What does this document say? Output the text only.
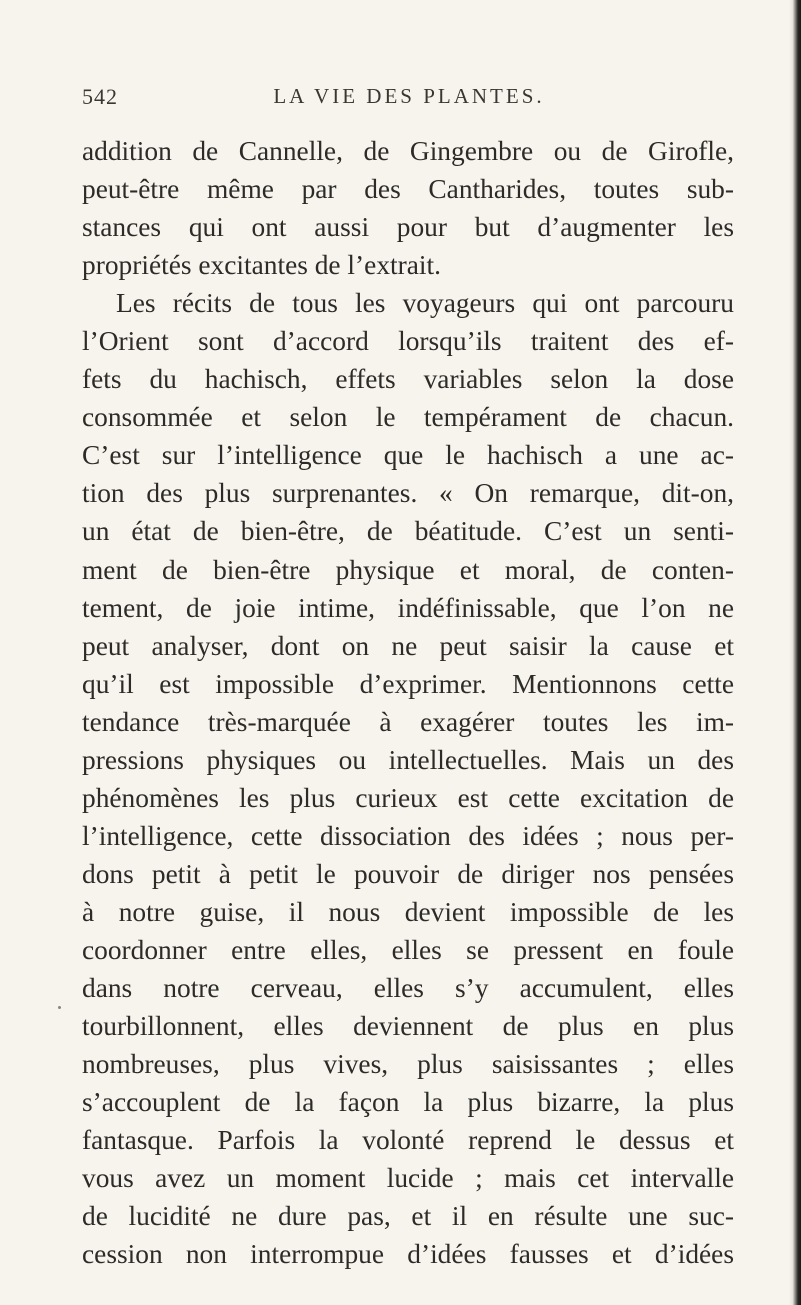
542	LA VIE DES PLANTES.
addition de Cannelle, de Gingembre ou de Girofle,
peut-être même par des Cantharides, toutes sub-
stances qui ont aussi pour but d’augmenter les
propriétés excitantes de l’extrait.
Les récits de tous les voyageurs qui ont parcouru
l’Orient sont d’accord lorsqu’ils traitent des ef-
fets du hachisch, effets variables selon la dose
consommée et selon le tempérament de chacun.
C’est sur l’intelligence que le hachisch a une ac-
tion des plus surprenantes. « On remarque, dit-on,
un état de bien-être, de béatitude. C’est un senti-
ment de bien-être physique et moral, de conten-
tement, de joie intime, indéfinissable, que l’on ne
peut analyser, dont on ne peut saisir la cause et
qu’il est impossible d’exprimer. Mentionnons cette
tendance très-marquée à exagérer toutes les im-
pressions physiques ou intellectuelles. Mais un des
phénomènes les plus curieux est cette excitation de
l’intelligence, cette dissociation des idées ; nous per-
dons petit à petit le pouvoir de diriger nos pensées
à notre guise, il nous devient impossible de les
coordonner entre elles, elles se pressent en foule
dans notre cerveau, elles s’y accumulent, elles
tourbillonnent, elles deviennent de plus en plus
nombreuses, plus vives, plus saisissantes ; elles
s’accouplent de la façon la plus bizarre, la plus
fantasque. Parfois la volonté reprend le dessus et
vous avez un moment lucide ; mais cet intervalle
de lucidité ne dure pas, et il en résulte une suc-
cession non interrompue d’idées fausses et d’idées
